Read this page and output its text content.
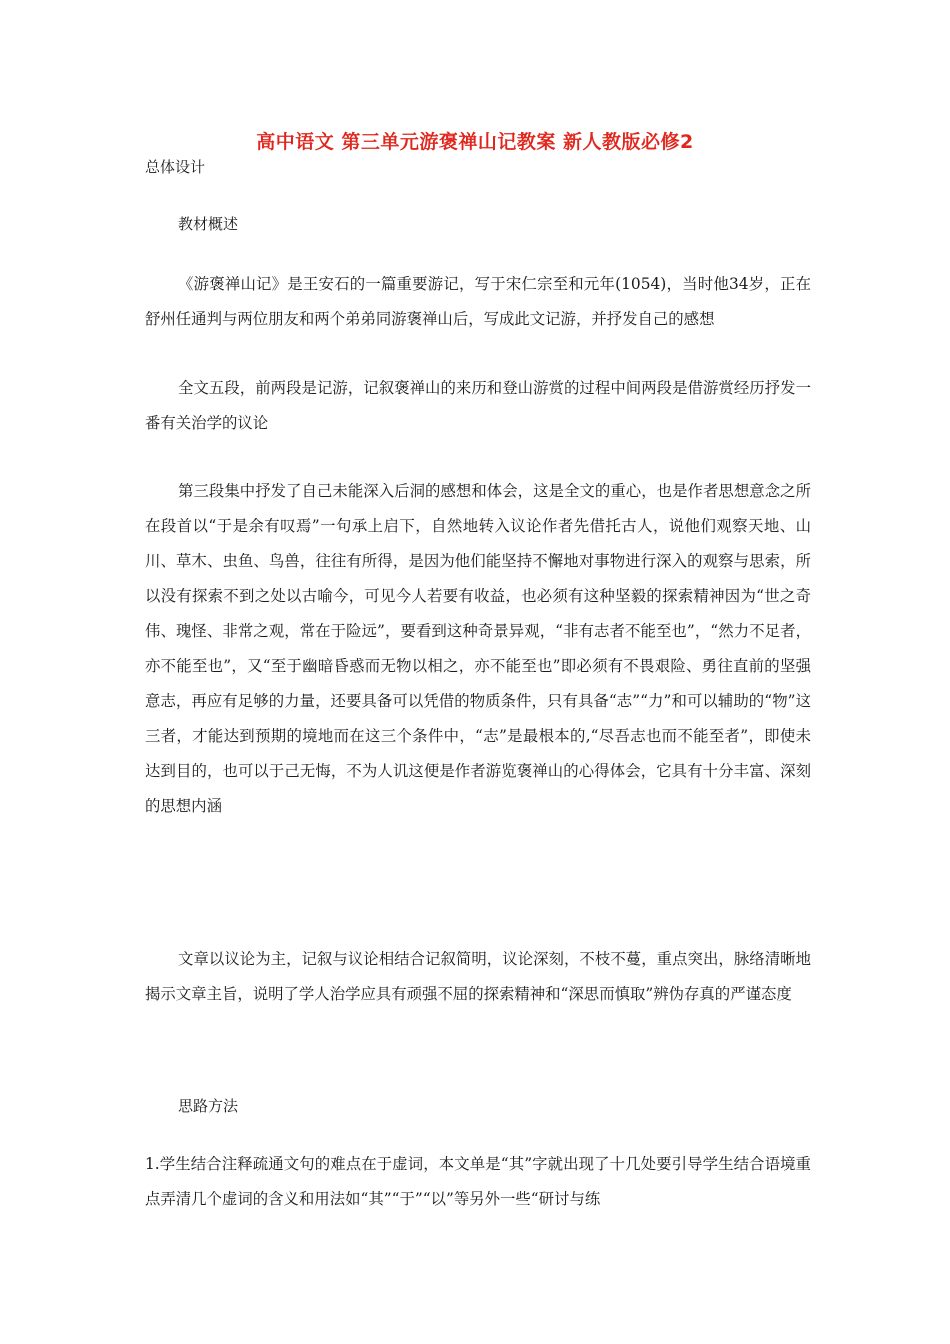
高中语文 第三单元游褒禅山记教案 新人教版必修2
总体设计
教材概述
《游褒禅山记》是王安石的一篇重要游记，写于宋仁宗至和元年(1054)，当时他34岁，正在舒州任通判与两位朋友和两个弟弟同游褒禅山后，写成此文记游，并抒发自己的感想
全文五段，前两段是记游，记叙褒禅山的来历和登山游赏的过程中间两段是借游赏经历抒发一番有关治学的议论
第三段集中抒发了自己未能深入后洞的感想和体会，这是全文的重心，也是作者思想意念之所在段首以“于是余有叹焉”一句承上启下，自然地转入议论作者先借托古人，说他们观察天地、山川、草木、虫鱼、鸟兽，往往有所得，是因为他们能坚持不懈地对事物进行深入的观察与思索，所以没有探索不到之处以古喻今，可见今人若要有收益，也必须有这种坚毅的探索精神因为“世之奇伟、瑰怪、非常之观，常在于险远”，要看到这种奇景异观，“非有志者不能至也”，“然力不足者，亦不能至也”，又“至于幽暗昏惑而无物以相之，亦不能至也”即必须有不畏艰险、勇往直前的坚强意志，再应有足够的力量，还要具备可以凭借的物质条件，只有具备“志”“力”和可以辅助的“物”这三者，才能达到预期的境地而在这三个条件中，“志”是最根本的,“尽吾志也而不能至者”，即使未达到目的，也可以于己无悔，不为人讥这便是作者游览褒禅山的心得体会，它具有十分丰富、深刻的思想内涵
文章以议论为主，记叙与议论相结合记叙简明，议论深刻，不枝不蔓，重点突出，脉络清晰地揭示文章主旨，说明了学人治学应具有顽强不屈的探索精神和“深思而慎取”辨伪存真的严谨态度
思路方法
1.学生结合注释疏通文句的难点在于虚词，本文单是“其”字就出现了十几处要引导学生结合语境重点弄清几个虚词的含义和用法如“其”“于”“以”等另外一些“研讨与练
